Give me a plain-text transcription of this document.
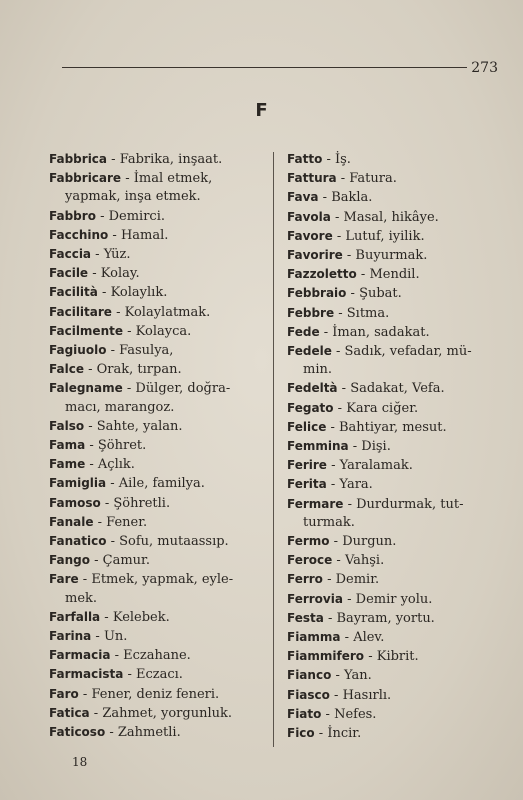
273
F
Fabbrica - Fabrika, inşaat.
Fabbricare - İmal etmek,
yapmak, inşa etmek.
Fabbro - Demirci.
Facchino - Hamal.
Faccia - Yüz.
Facile - Kolay.
Facilità - Kolaylık.
Facilitare - Kolaylatmak.
Facilmente - Kolayca.
Fagiuolo - Fasulya,
Falce - Orak, tırpan.
Falegname - Dülger, doğra-
macı, marangoz.
Falso - Sahte, yalan.
Fama - Şöhret.
Fame - Açlık.
Famiglia - Aile, familya.
Famoso - Şöhretli.
Fanale - Fener.
Fanatico - Sofu, mutaassıp.
Fango - Çamur.
Fare - Etmek, yapmak, eyle-
mek.
Farfalla - Kelebek.
Farina - Un.
Farmacia - Eczahane.
Farmacista - Eczacı.
Faro - Fener, deniz feneri.
Fatica - Zahmet, yorgunluk.
Faticoso - Zahmetli.
Fatto - İş.
Fattura - Fatura.
Fava - Bakla.
Favola - Masal, hikâye.
Favore - Lutuf, iyilik.
Favorire - Buyurmak.
Fazzoletto - Mendil.
Febbraio - Şubat.
Febbre - Sıtma.
Fede - İman, sadakat.
Fedele - Sadık, vefadar, mü-
min.
Fedeltà - Sadakat, Vefa.
Fegato - Kara ciğer.
Felice - Bahtiyar, mesut.
Femmina - Dişi.
Ferire - Yaralamak.
Ferita - Yara.
Fermare - Durdurmak, tut-
turmak.
Fermo - Durgun.
Feroce - Vahşi.
Ferro - Demir.
Ferrovia - Demir yolu.
Festa - Bayram, yortu.
Fiamma - Alev.
Fiammifero - Kibrit.
Fianco - Yan.
Fiasco - Hasırlı.
Fiato - Nefes.
Fico - İncir.
18
